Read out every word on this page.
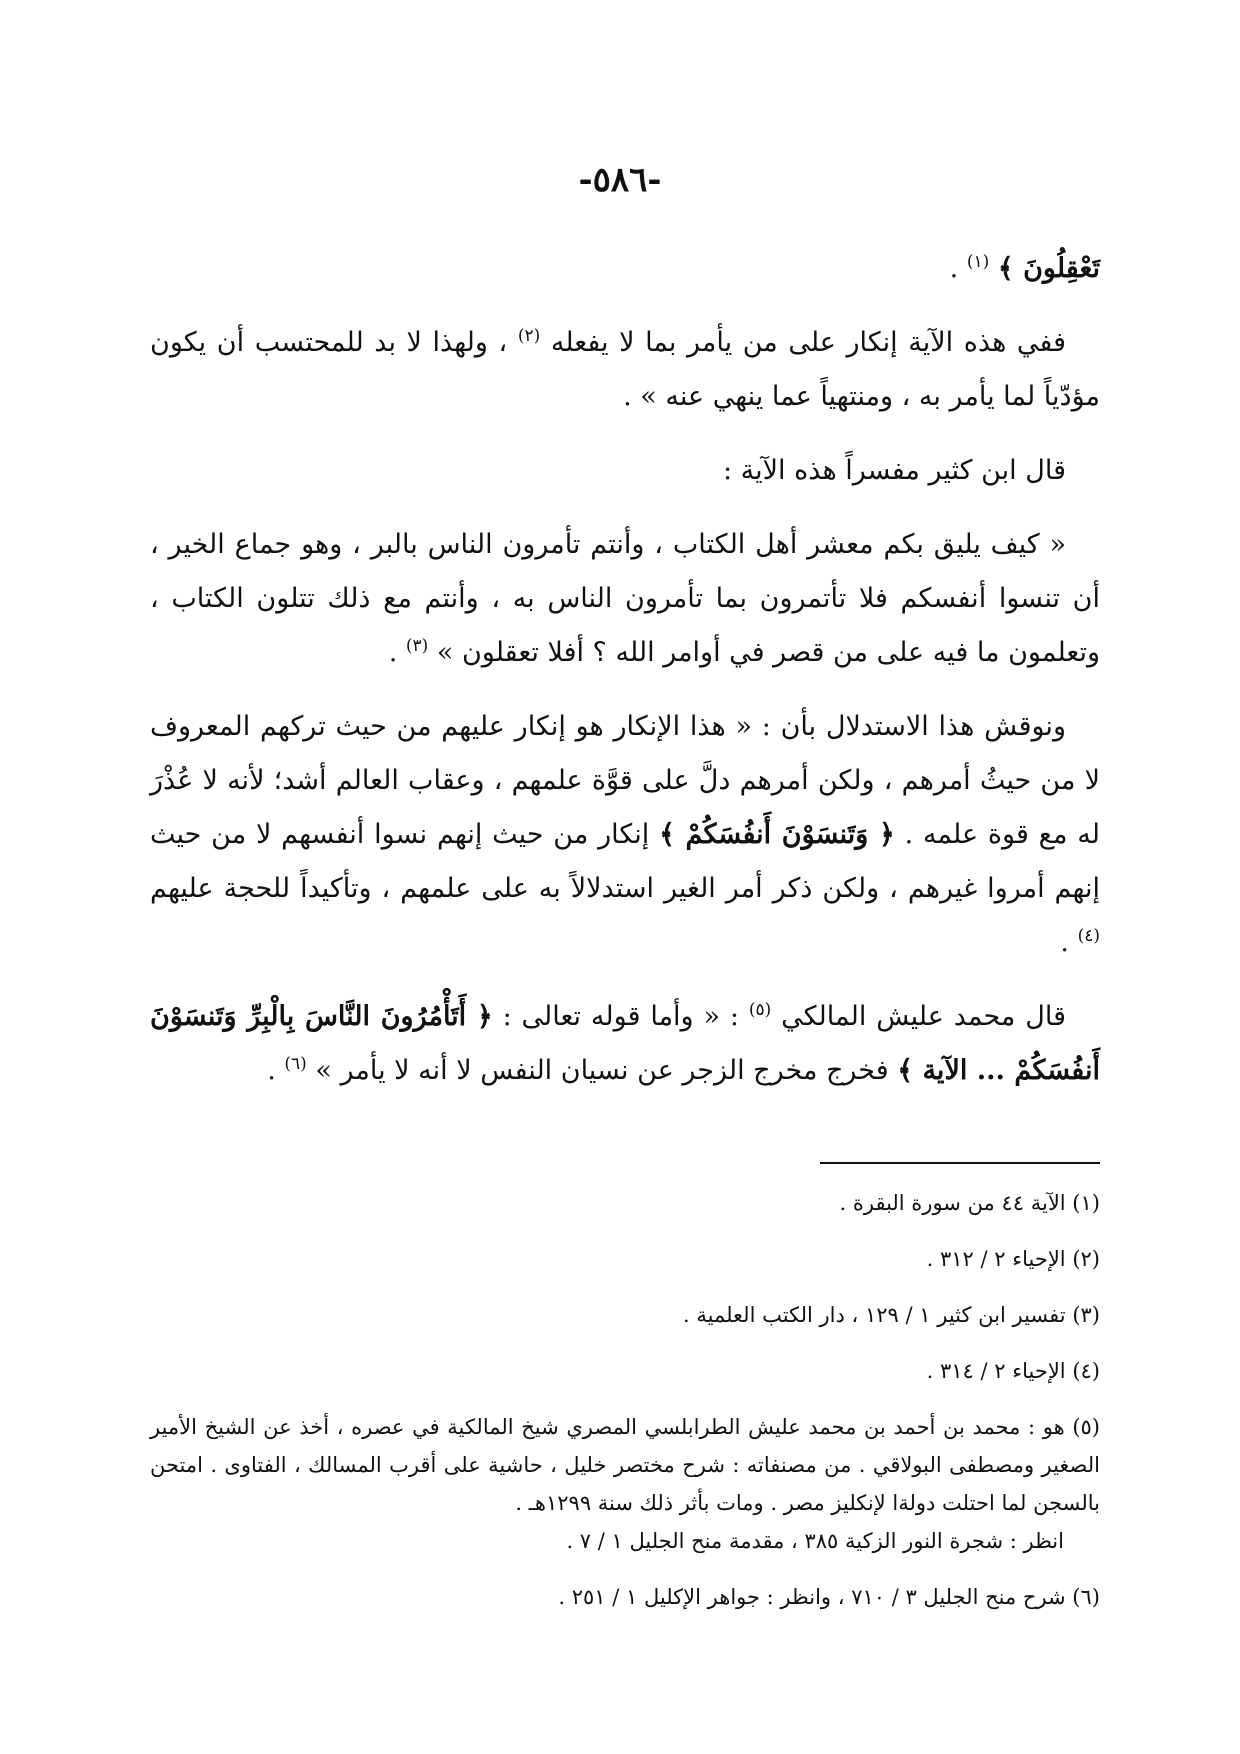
-٥٨٦-

تَعْقِلُونَ ﴾ $^{(١)}$ .

ففي هذه الآية إنكار على من يأمر بما لا يفعله $^{(٢)}$ ، ولهذا لا بد للمحتسب أن يكون مؤدّياً لما يأمر به ، ومنتهياً عما ينهي عنه » .

قال ابن كثير مفسراً هذه الآية :

« كيف يليق بكم معشر أهل الكتاب ، وأنتم تأمرون الناس بالبر ، وهو جماع الخير ، أن تنسوا أنفسكم فلا تأتمرون بما تأمرون الناس به ، وأنتم مع ذلك تتلون الكتاب ، وتعلمون ما فيه على من قصر في أوامر الله ؟ أفلا تعقلون » $^{(٣)}$ .

ونوقش هذا الاستدلال بأن : « هذا الإنكار هو إنكار عليهم من حيث تركهم المعروف لا من حيثُ أمرهم ، ولكن أمرهم دلَّ على قوَّة علمهم ، وعقاب العالم أشد؛ لأنه لا عُذْرَ له مع قوة علمه . ﴿ وَتَنسَوْنَ أَنفُسَكُمْ ﴾ إنكار من حيث إنهم نسوا أنفسهم لا من حيث إنهم أمروا غيرهم ، ولكن ذكر أمر الغير استدلالاً به على علمهم ، وتأكيداً للحجة عليهم $^{(٤)}$ .

قال محمد عليش المالكي $^{(٥)}$ : « وأما قوله تعالى : ﴿ أَتَأْمُرُونَ النَّاسَ بِالْبِرِّ وَتَنسَوْنَ أَنفُسَكُمْ ... الآية ﴾ فخرج مخرج الزجر عن نسيان النفس لا أنه لا يأمر » $^{(٦)}$ .

(١) الآية ٤٤ من سورة البقرة .

(٢) الإحياء ٢ / ٣١٢ .

(٣) تفسير ابن كثير ١ / ١٢٩ ، دار الكتب العلمية .

(٤) الإحياء ٢ / ٣١٤ .

(٥) هو : محمد بن أحمد بن محمد عليش الطرابلسي المصري شيخ المالكية في عصره ، أخذ عن الشيخ الأمير الصغير ومصطفى البولاقي . من مصنفاته : شرح مختصر خليل ، حاشية على أقرب المسالك ، الفتاوى . امتحن بالسجن لما احتلت دولةا لإنكليز مصر . ومات بأثر ذلك سنة ١٢٩٩هـ .

انظر : شجرة النور الزكية ٣٨٥ ، مقدمة منح الجليل ١ / ٧ .

(٦) شرح منح الجليل ٣ / ٧١٠ ، وانظر : جواهر الإكليل ١ / ٢٥١ .
